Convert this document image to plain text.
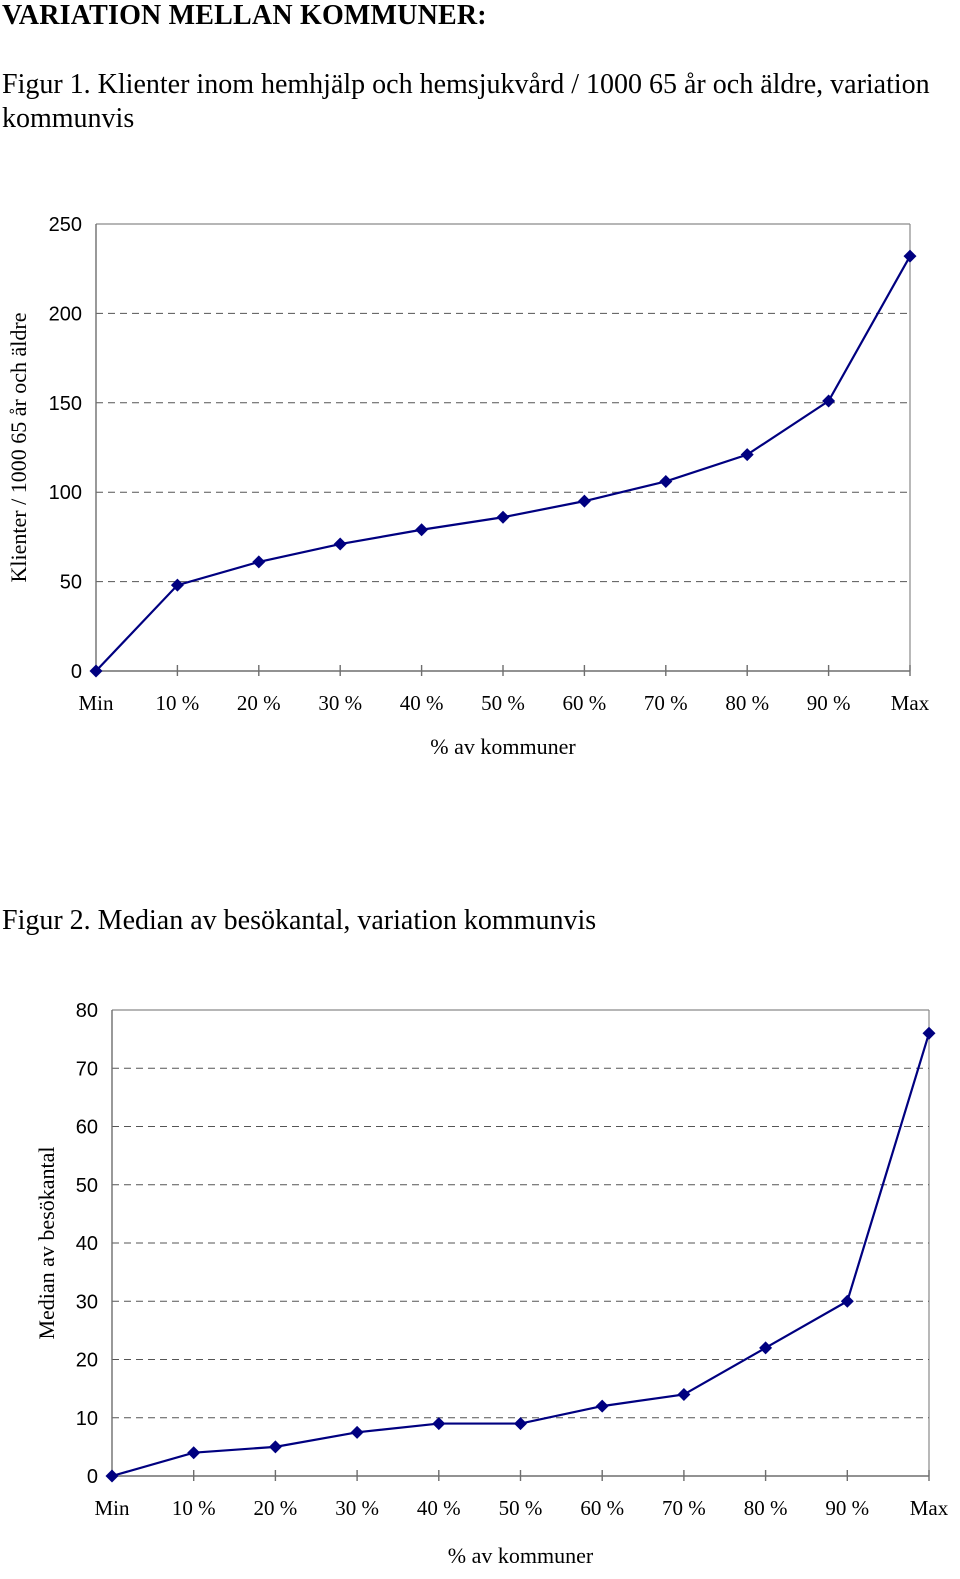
VARIATION MELLAN KOMMUNER:
Figur 1. Klienter inom hemhjälp och hemsjukvård / 1000 65 år och äldre, variation kommunvis
0
50
100
150
200
250
Min 10 % 20 % 30 % 40 % 50 % 60 % 70 % 80 % 90 % Max
% av kommuner
Klienter / 1000 65 år och äldre
Figur 2. Median av besökantal, variation kommunvis
0
10
20
30
40
50
60
70
80
Min 10 % 20 % 30 % 40 % 50 % 60 % 70 % 80 % 90 % Max
% av kommuner
Median av besökantal
